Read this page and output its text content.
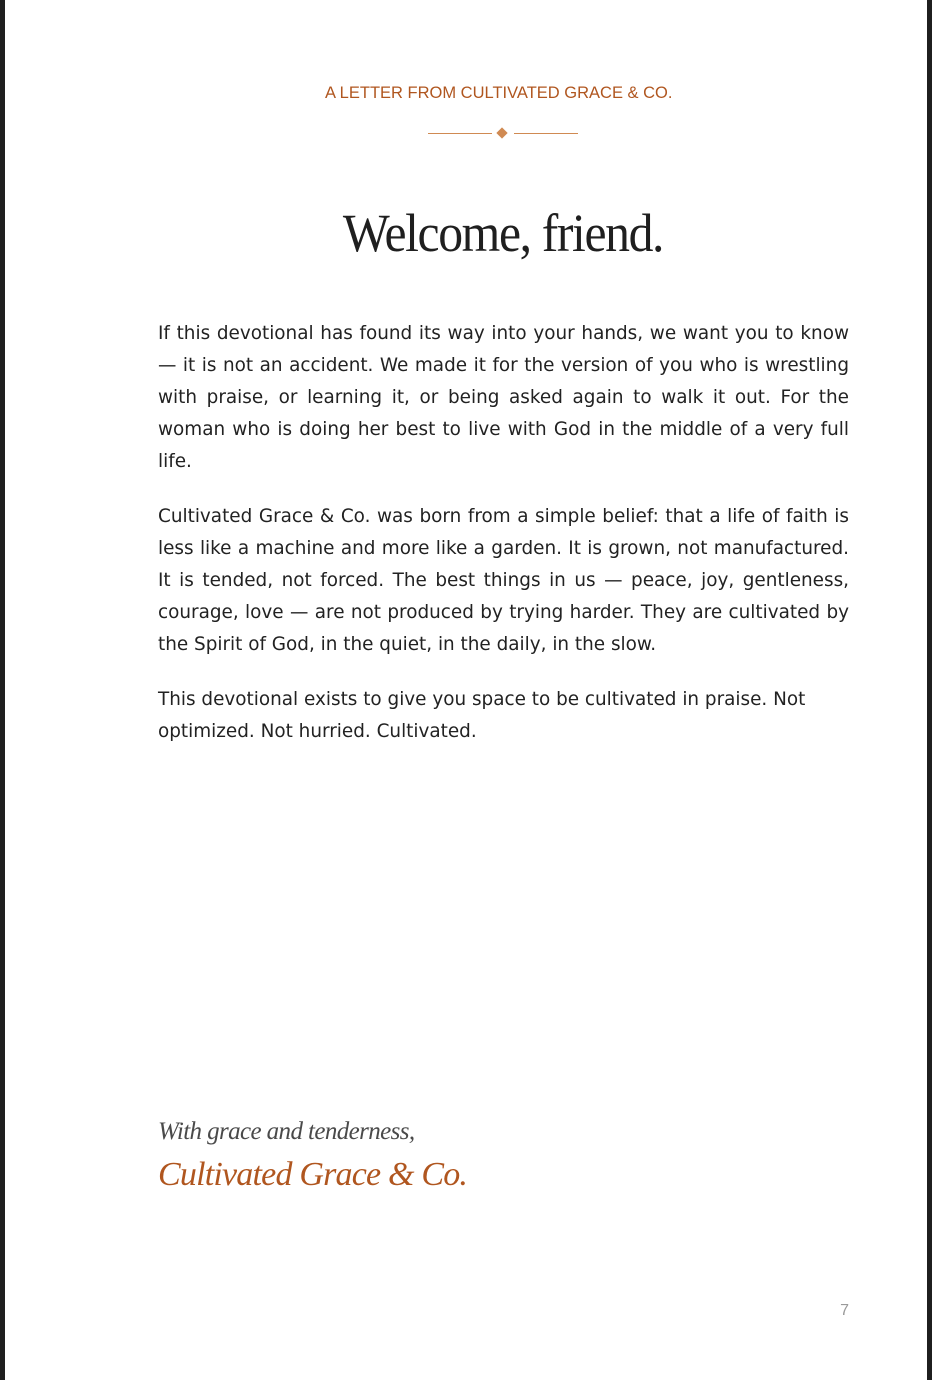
A LETTER FROM CULTIVATED GRACE & CO.
Welcome, friend.

If this devotional has found its way into your hands, we want you to know — it is not an accident. We made it for the version of you who is wrestling with praise, or learning it, or being asked again to walk it out. For the woman who is doing her best to live with God in the middle of a very full life.

Cultivated Grace & Co. was born from a simple belief: that a life of faith is less like a machine and more like a garden. It is grown, not manufactured. It is tended, not forced. The best things in us — peace, joy, gentleness, courage, love — are not produced by trying harder. They are cultivated by the Spirit of God, in the quiet, in the daily, in the slow.

This devotional exists to give you space to be cultivated in praise. Not optimized. Not hurried. Cultivated.

With grace and tenderness,
Cultivated Grace & Co.
7
